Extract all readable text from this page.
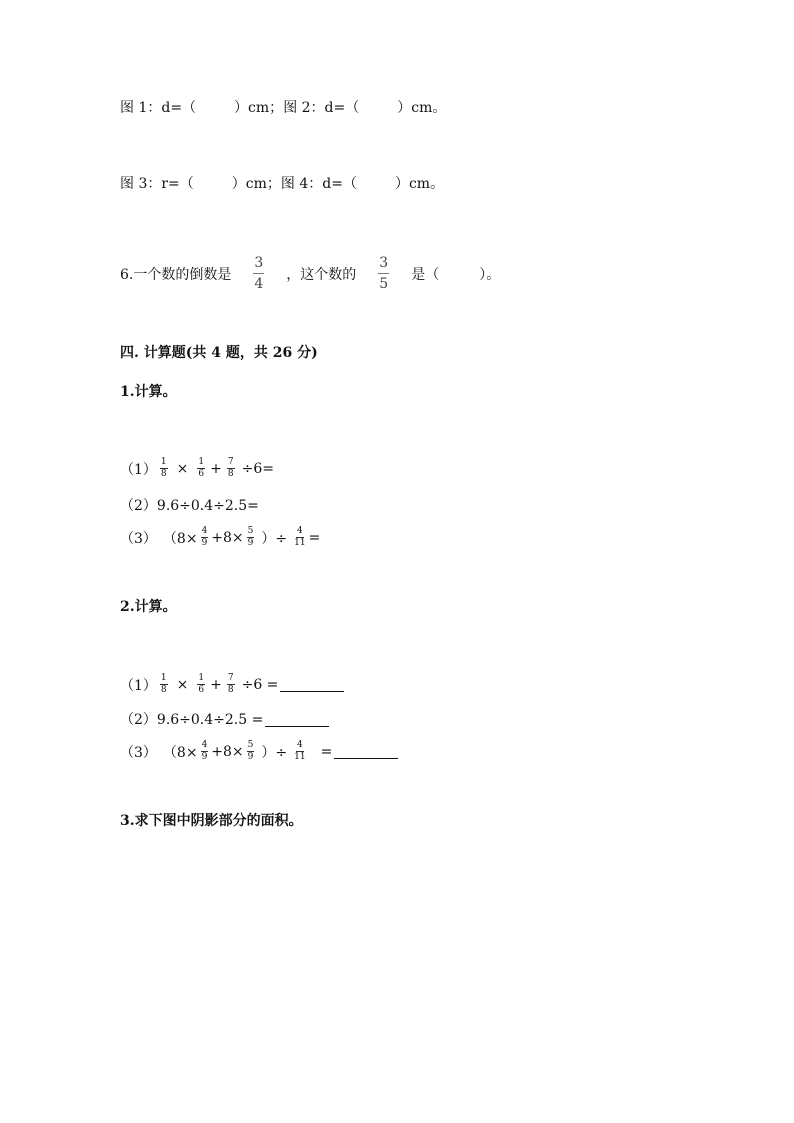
图 1：d=（	）cm； 图 2：d=（	）cm。
图 3：r=（	）cm； 图 4：d=（	）cm。
6.一个数的倒数是 $\frac{3}{4}$ ，这个数的 $\frac{3}{5}$ 是（	）。
四. 计算题(共 4 题，共 26 分)
1.计算。
$(1) \frac{1}{8} \times \frac{1}{6} + \frac{7}{8} \div 6=$
（2）9.6÷0.4÷2.5=
（3） （$8\times \frac{4}{9} +8\times \frac{5}{9}$ ）÷ $\frac{4}{11}$ =
2.计算。
$(1) \frac{1}{8} \times \frac{1}{6} + \frac{7}{8} \div 6$ =
（2）9.6÷0.4÷2.5 =
（3） （$8\times \frac{4}{9} +8\times \frac{5}{9}$ ）÷ $\frac{4}{11}$ =
3.求下图中阴影部分的面积。
